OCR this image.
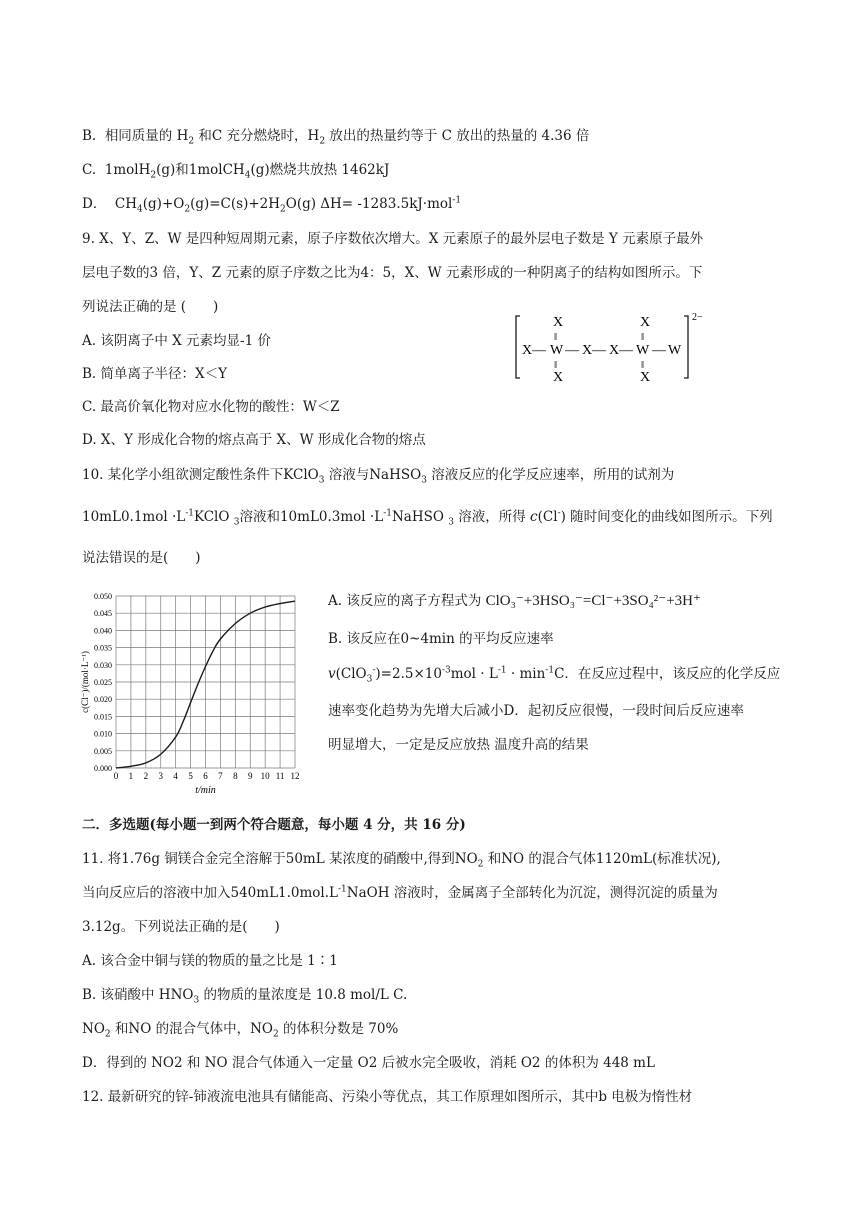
B. 相同质量的 $H_2$ 和C 充分燃烧时，$H_2$ 放出的热量约等于 C 放出的热量的 4.36 倍
C. 1molH$_2$(g)和1molCH$_4$(g)燃烧共放热 1462kJ
D． $CH_4(g)+O_2(g)=C(s)+2H_2O(g)$ ΔH= -1283.5kJ·mol$^{-1}$
9. X、Y、Z、W 是四种短周期元素，原子序数依次增大。X 元素原子的最外层电子数是 Y 元素原子最外
层电子数的3 倍，Y、Z 元素的原子序数之比为4：5，X、W 元素形成的一种阴离子的结构如图所示。下
列说法正确的是 (　　)
A. 该阴离子中 X 元素均显-1 价
B. 简单离子半径：X＜Y
C. 最高价氧化物对应水化物的酸性：W＜Z
D. X、Y 形成化合物的熔点高于 X、W 形成化合物的熔点
2−
X
‖
X
‖
X — W — X — X — W — W
‖
X
‖
X
10. 某化学小组欲测定酸性条件下KClO$_3$ 溶液与NaHSO$_3$ 溶液反应的化学反应速率，所用的试剂为
$10mL0.1mol \cdot L^{-1}KClO$ $_3$溶液和$10mL0.3mol \cdot L^{-1}NaHSO$ $_3$ 溶液，所得 c(Cl-) 随时间变化的曲线如图所示。下列
说法错误的是(　　)
0.000
0.005
0.010
0.015
0.020
0.025
0.030
0.035
0.040
0.045
0.050
0 1 2 3 4 5 6 7 8 9 10 11 12
t/min
c(Cl⁻)/(mol·L⁻¹)
A. 该反应的离子方程式为 ClO₃⁻+3HSO₃⁻=Cl⁻+3SO₄²⁻+3H⁺
B. 该反应在0~4min 的平均反应速率
$v(ClO_3^-)=2.5\times 10^{-3}mol \cdot L^{-1} \cdot \min^{-1}C$．在反应过程中，该反应的化学反应
速率变化趋势为先增大后减小D．起初反应很慢，一段时间后反应速率
明显增大，一定是反应放热 温度升高的结果
二．多选题(每小题一到两个符合题意，每小题 4 分，共 16 分)
11. 将1.76g 铜镁合金完全溶解于50mL 某浓度的硝酸中,得到$NO_2$ 和NO 的混合气体1120mL(标准状况),
当向反应后的溶液中加入$540mL1.0mol.L^{-1}NaOH$ 溶液时，金属离子全部转化为沉淀，测得沉淀的质量为
3.12g。下列说法正确的是(　　)
A. 该合金中铜与镁的物质的量之比是 1∶1
B. 该硝酸中 $HNO_3$ 的物质的量浓度是 10.8 mol/L C.
$NO_2$ 和NO 的混合气体中，$NO_2$ 的体积分数是 70%
D．得到的 NO2 和 NO 混合气体通入一定量 O2 后被水完全吸收，消耗 O2 的体积为 448 mL
12. 最新研究的锌-铈液流电池具有储能高、污染小等优点，其工作原理如图所示，其中b 电极为惰性材
